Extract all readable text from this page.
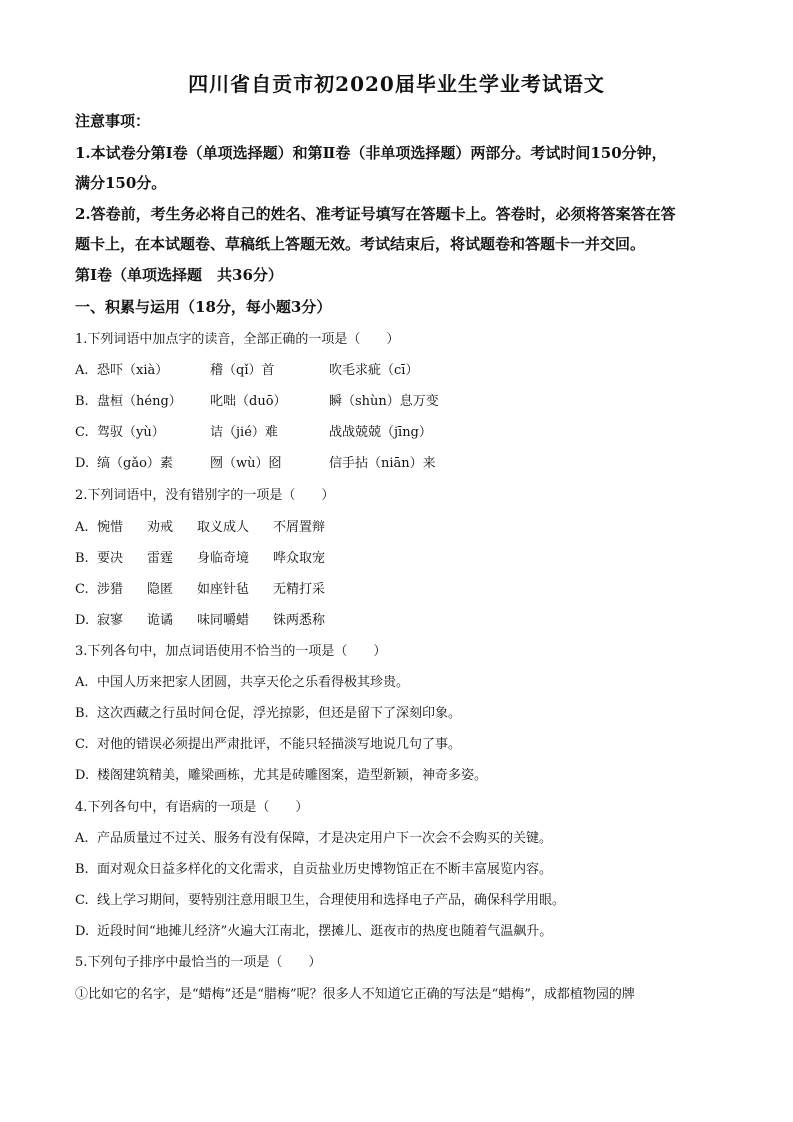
四川省自贡市初2020届毕业生学业考试语文
注意事项：
1.本试卷分第Ⅰ卷（单项选择题）和第Ⅱ卷（非单项选择题）两部分。考试时间150分钟，
满分150分。
2.答卷前，考生务必将自己的姓名、准考证号填写在答题卡上。答卷时，必须将答案答在答
题卡上，在本试题卷、草稿纸上答题无效。考试结束后，将试题卷和答题卡一并交回。
第Ⅰ卷（单项选择题　共36分）
一、积累与运用（18分，每小题3分）
1.下列词语中加点字的读音，全部正确的一项是（　　）
A. 恐吓（xià）	稽（qǐ）首	吹毛求疵（cī）
B. 盘桓（héng） 叱咄（duō）	瞬（shùn）息万变
C. 驾驭（yù）	诘（jié）难	战战兢兢（jīng）
D. 缟（gǎo）素	囫（wù）囵	信手拈（niān）来
2.下列词语中，没有错别字的一项是（　　）
A. 惋惜 劝戒 取义成人 不屑置辩
B. 要决 雷霆 身临奇境 哗众取宠
C. 涉猎 隐匿 如座针毡 无精打采
D. 寂寥 诡谲 味同嚼蜡 铢两悉称
3.下列各句中，加点词语使用不恰当的一项是（　　）
A. 中国人历来把家人团圆，共享天伦之乐看得极其珍贵。
B. 这次西藏之行虽时间仓促，浮光掠影，但还是留下了深刻印象。
C. 对他的错误必须提出严肃批评，不能只轻描淡写地说几句了事。
D. 楼阁建筑精美，雕梁画栋，尤其是砖雕图案，造型新颖，神奇多姿。
4.下列各句中，有语病的一项是（　　）
A. 产品质量过不过关、服务有没有保障，才是决定用户下一次会不会购买的关键。
B. 面对观众日益多样化的文化需求，自贡盐业历史博物馆正在不断丰富展览内容。
C. 线上学习期间，要特别注意用眼卫生，合理使用和选择电子产品，确保科学用眼。
D. 近段时间“地摊儿经济”火遍大江南北，摆摊儿、逛夜市的热度也随着气温飙升。
5.下列句子排序中最恰当的一项是（　　）
①比如它的名字，是“蜡梅”还是“腊梅”呢？很多人不知道它正确的写法是“蜡梅”，成都植物园的牌
